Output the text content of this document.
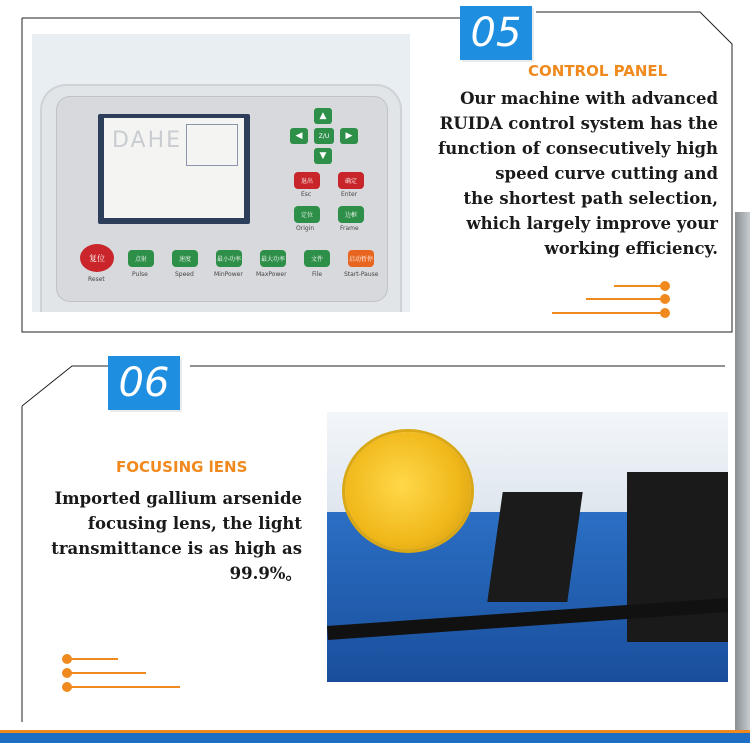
DAHE
▲
◀	Z/U	▶
▼
退出
Esc
确定
Enter
定位
Origin
边框
Frame
复位
Reset
点射
Pulse
速度
Speed
最小功率
MinPower
最大功率
MaxPower
文件
File
启动暂停
Start-Pause
05
CONTROL PANEL
Our machine with advanced
RUIDA control system has the
function of consecutively high
speed curve cutting and
the shortest path selection,
which largely improve your
working efficiency.
06
FOCUSING lENS
Imported gallium arsenide
focusing lens, the light
transmittance is as high as
99.9%。
